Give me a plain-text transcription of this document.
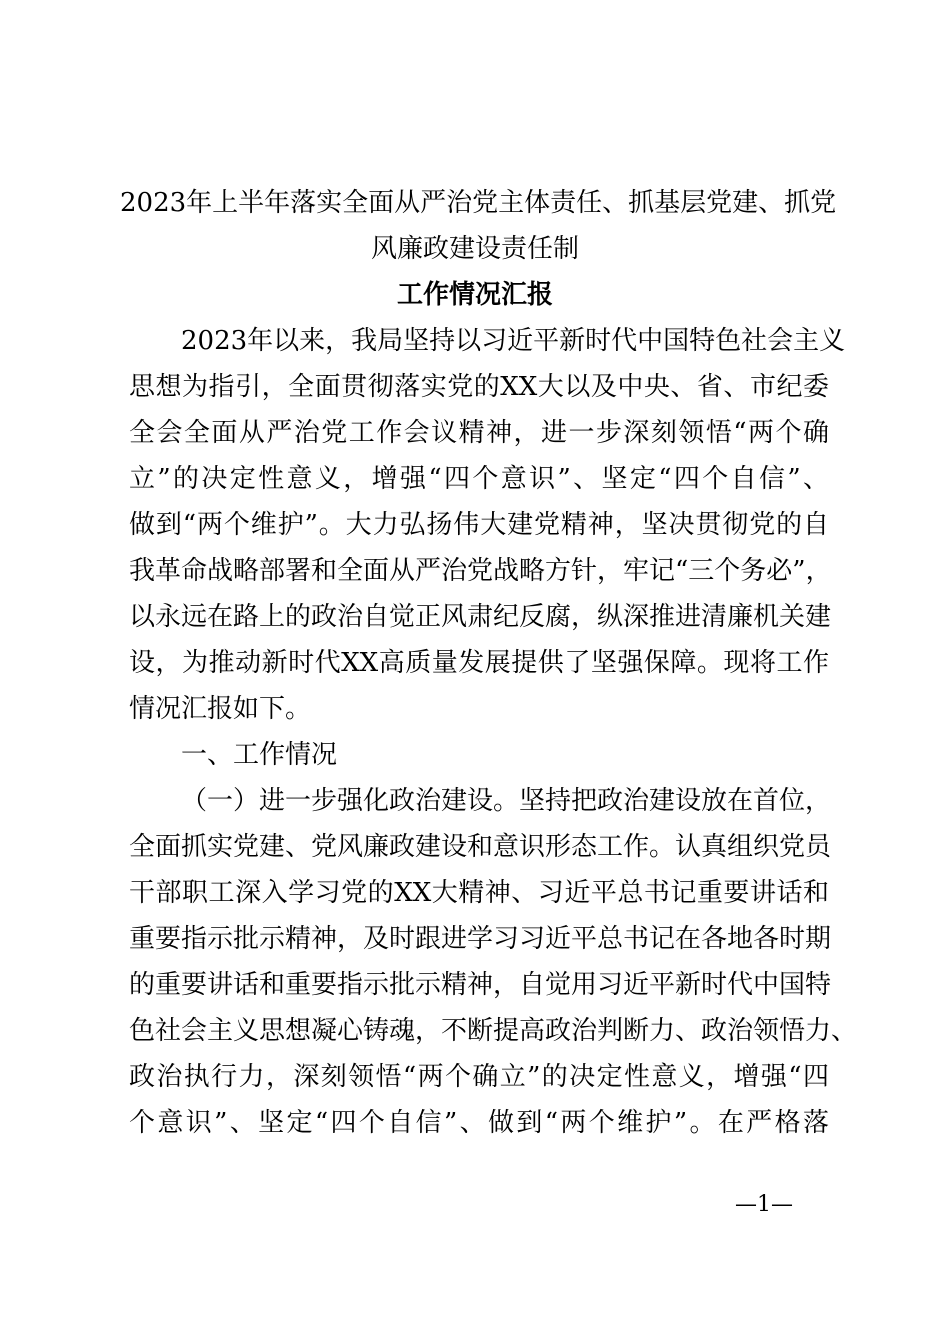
2023年上半年落实全面从严治党主体责任、抓基层党建、抓党
风廉政建设责任制
工作情况汇报
2023年以来，我局坚持以习近平新时代中国特色社会主义
思想为指引，全面贯彻落实党的XX大以及中央、省、市纪委
全会全面从严治党工作会议精神，进一步深刻领悟“两个确
立”的决定性意义，增强“四个意识”、坚定“四个自信”、
做到“两个维护”。大力弘扬伟大建党精神，坚决贯彻党的自
我革命战略部署和全面从严治党战略方针，牢记“三个务必”，
以永远在路上的政治自觉正风肃纪反腐，纵深推进清廉机关建
设，为推动新时代XX高质量发展提供了坚强保障。现将工作
情况汇报如下。
一、工作情况
（一）进一步强化政治建设。坚持把政治建设放在首位，
全面抓实党建、党风廉政建设和意识形态工作。认真组织党员
干部职工深入学习党的XX大精神、习近平总书记重要讲话和
重要指示批示精神，及时跟进学习习近平总书记在各地各时期
的重要讲话和重要指示批示精神，自觉用习近平新时代中国特
色社会主义思想凝心铸魂，不断提高政治判断力、政治领悟力、
政治执行力，深刻领悟“两个确立”的决定性意义，增强“四
个意识”、坚定“四个自信”、做到“两个维护”。在严格落
—1—
